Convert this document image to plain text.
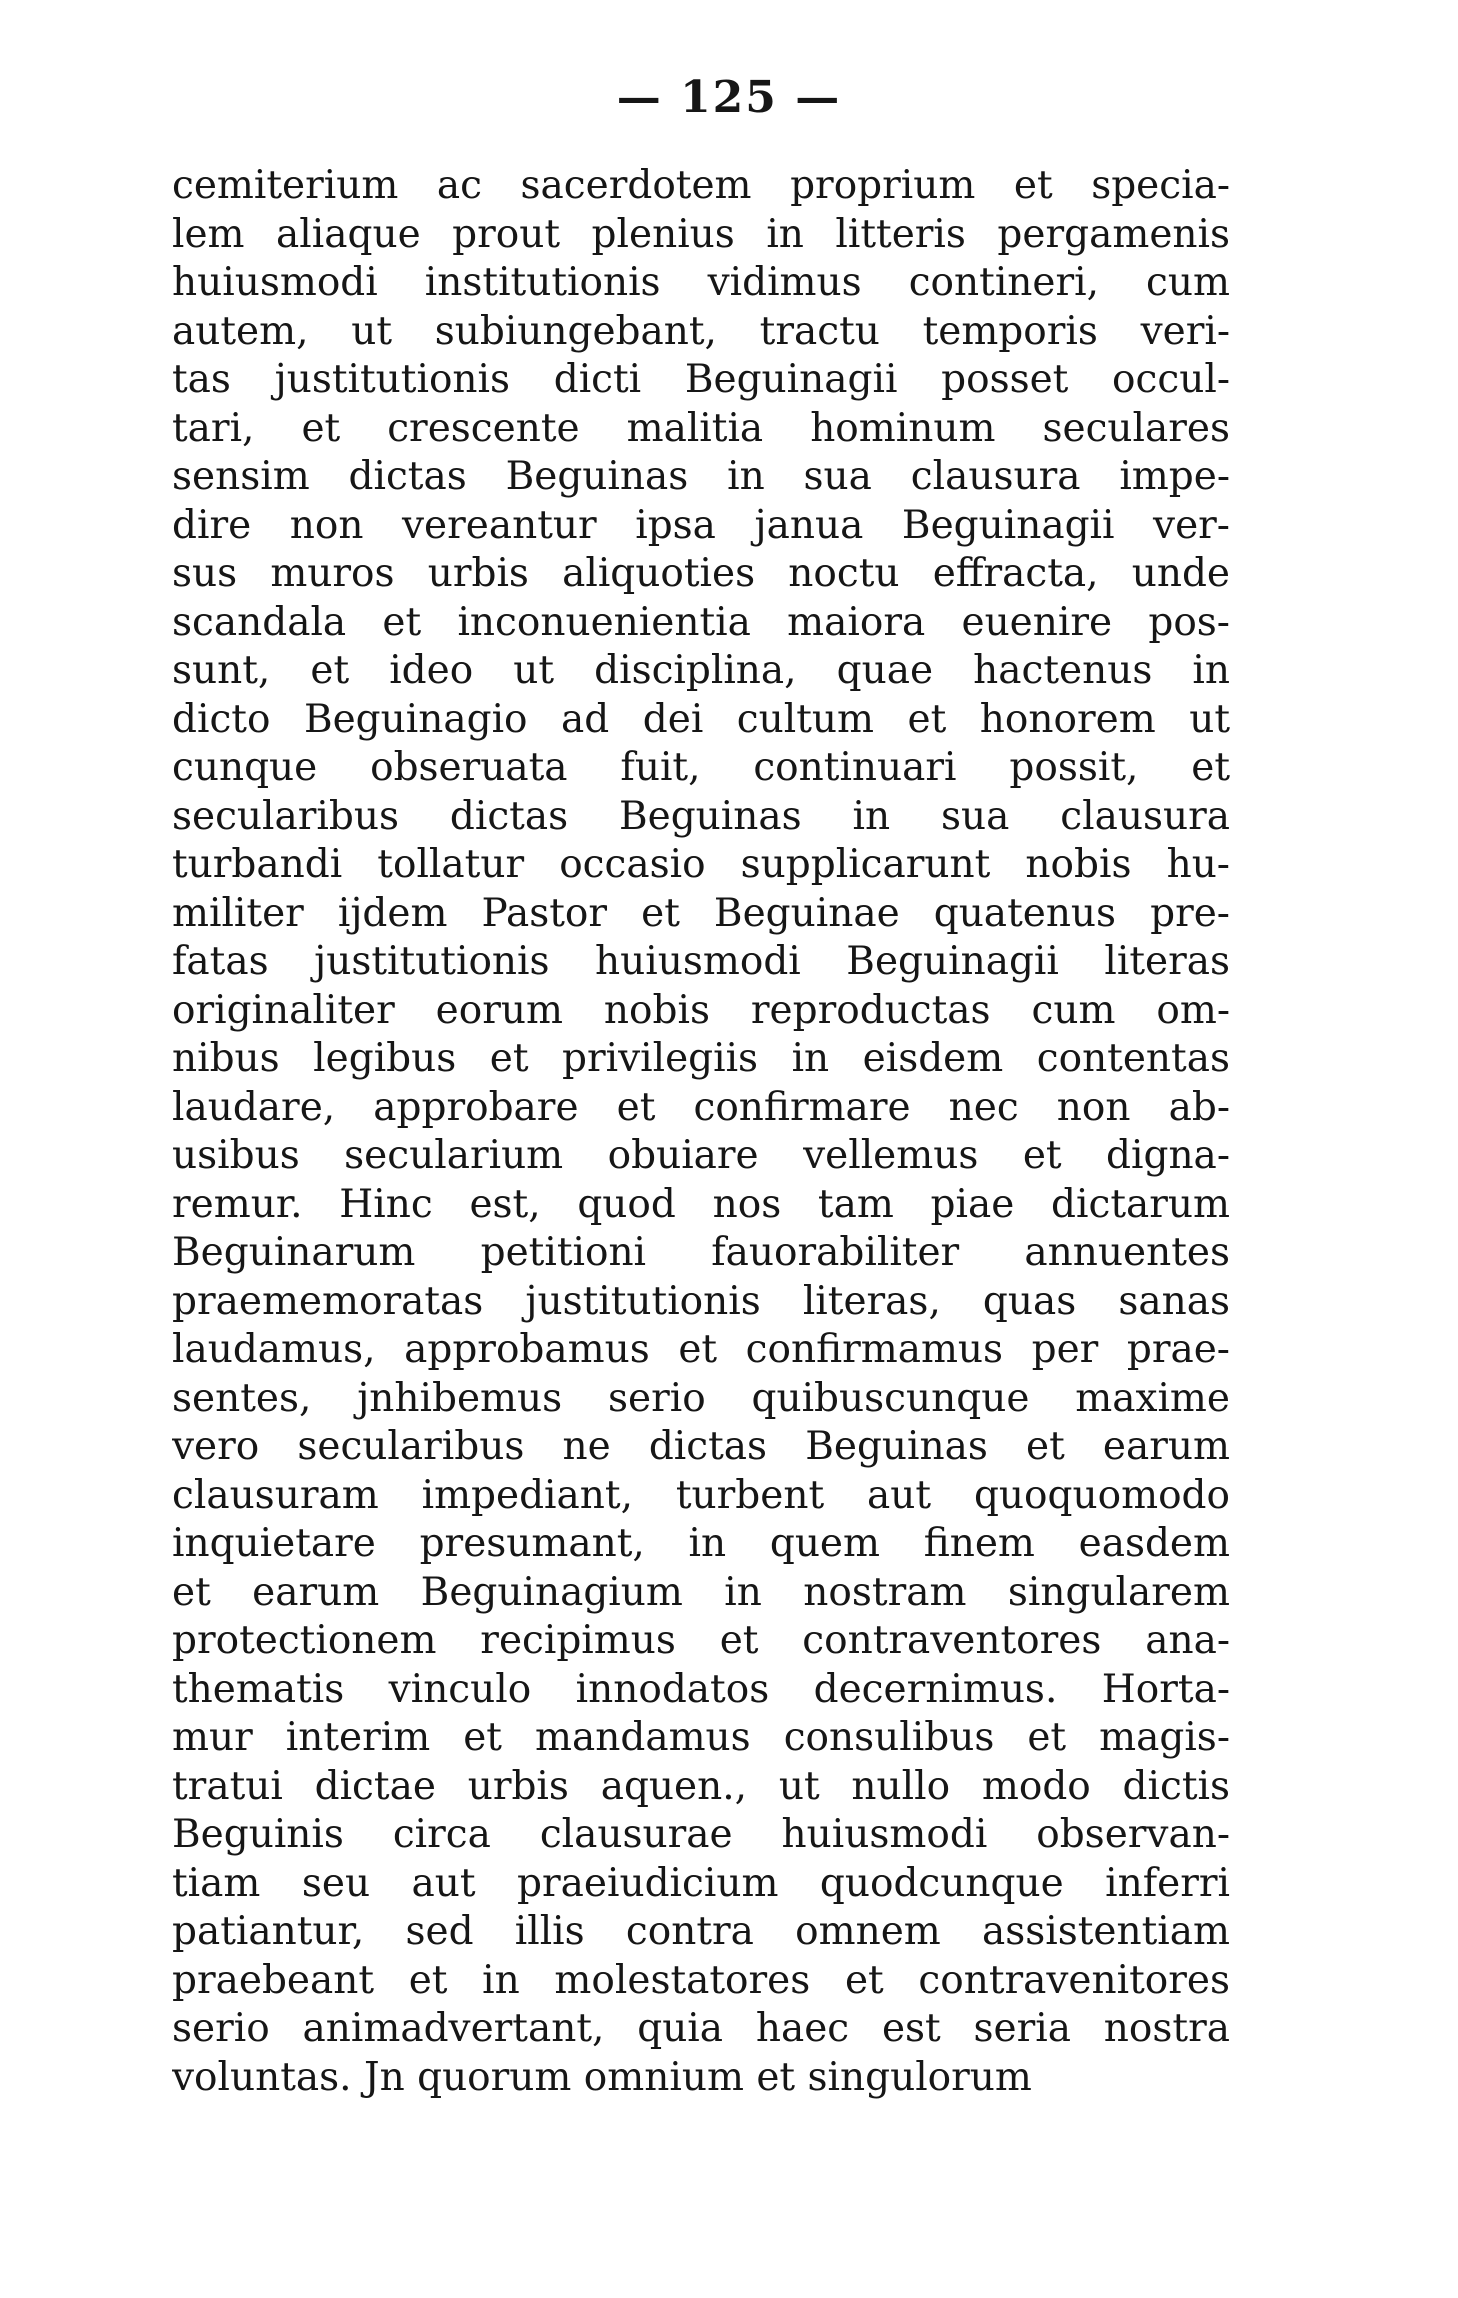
— 125 —
cemiterium ac sacerdotem proprium et specia-
lem aliaque prout plenius in litteris pergamenis
huiusmodi institutionis vidimus contineri, cum
autem, ut subiungebant, tractu temporis veri-
tas justitutionis dicti Beguinagii posset occul-
tari, et crescente malitia hominum seculares
sensim dictas Beguinas in sua clausura impe-
dire non vereantur ipsa janua Beguinagii ver-
sus muros urbis aliquoties noctu effracta, unde
scandala et inconuenientia maiora euenire pos-
sunt, et ideo ut disciplina, quae hactenus in
dicto Beguinagio ad dei cultum et honorem ut
cunque obseruata fuit, continuari possit, et
secularibus dictas Beguinas in sua clausura
turbandi tollatur occasio supplicarunt nobis hu-
militer ijdem Pastor et Beguinae quatenus pre-
fatas justitutionis huiusmodi Beguinagii literas
originaliter eorum nobis reproductas cum om-
nibus legibus et privilegiis in eisdem contentas
laudare, approbare et confirmare nec non ab-
usibus secularium obuiare vellemus et digna-
remur. Hinc est, quod nos tam piae dictarum
Beguinarum petitioni fauorabiliter annuentes
praememoratas justitutionis literas, quas sanas
laudamus, approbamus et confirmamus per prae-
sentes, jnhibemus serio quibuscunque maxime
vero secularibus ne dictas Beguinas et earum
clausuram impediant, turbent aut quoquomodo
inquietare presumant, in quem finem easdem
et earum Beguinagium in nostram singularem
protectionem recipimus et contraventores ana-
thematis vinculo innodatos decernimus. Horta-
mur interim et mandamus consulibus et magis-
tratui dictae urbis aquen., ut nullo modo dictis
Beguinis circa clausurae huiusmodi observan-
tiam seu aut praeiudicium quodcunque inferri
patiantur, sed illis contra omnem assistentiam
praebeant et in molestatores et contravenitores
serio animadvertant, quia haec est seria nostra
voluntas. Jn quorum omnium et singulorum
